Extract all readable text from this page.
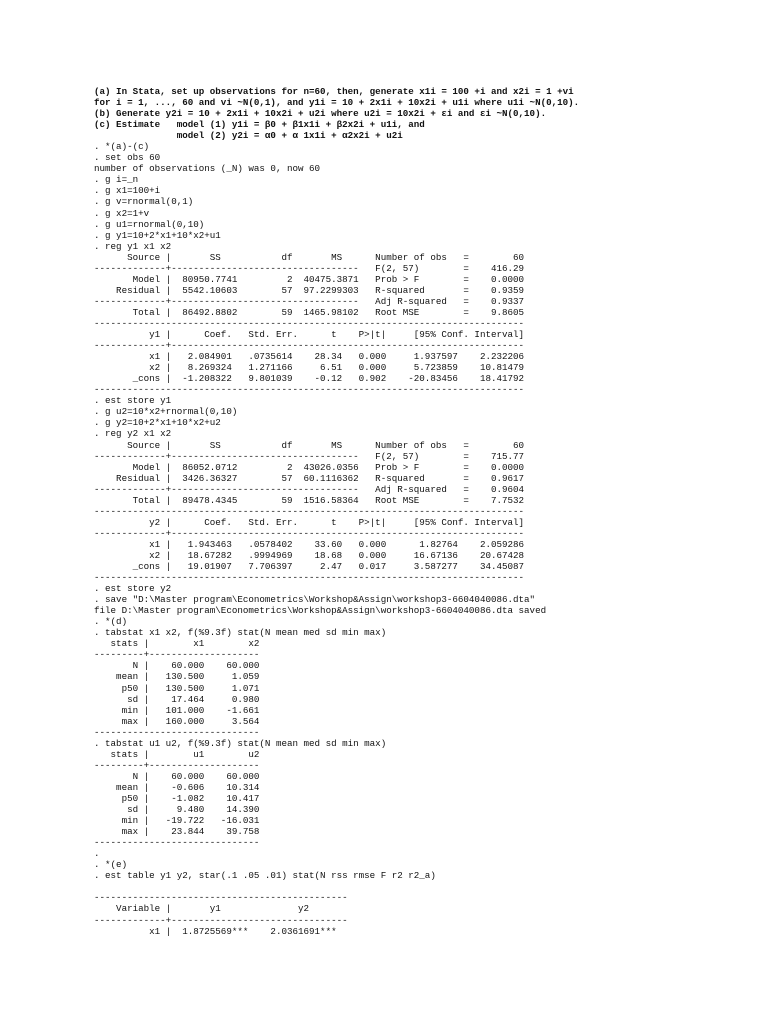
(a) In Stata, set up observations for n=60, then, generate x1i = 100 +i and x2i = 1 +vi
for i = 1, ..., 60 and vi ~N(0,1), and y1i = 10 + 2x1i + 10x2i + u1i where u1i ~N(0,10).
(b) Generate y2i = 10 + 2x1i + 10x2i + u2i where u2i = 10x2i + εi and εi ~N(0,10).
(c) Estimate   model (1) y1i = β0 + β1x1i + β2x2i + u1i, and
model (2) y2i = α0 + α 1x1i + α2x2i + u2i
. *(a)-(c)
. set obs 60
number of observations (_N) was 0, now 60
. g i=_n
. g x1=100+i
. g v=rnormal(0,1)
. g x2=1+v
. g u1=rnormal(0,10)
. g y1=10+2*x1+10*x2+u1
. reg y1 x1 x2
Source |       SS           df       MS      Number of obs   =        60
-------------+----------------------------------   F(2, 57)        =    416.29
Model |  80950.7741         2  40475.3871   Prob > F        =    0.0000
Residual |  5542.10603        57  97.2299303   R-squared       =    0.9359
-------------+----------------------------------   Adj R-squared   =    0.9337
Total |  86492.8802        59  1465.98102   Root MSE        =    9.8605
------------------------------------------------------------------------------
y1 |      Coef.   Std. Err.      t    P>|t|     [95% Conf. Interval]
-------------+----------------------------------------------------------------
x1 |   2.084901   .0735614    28.34   0.000     1.937597    2.232206
x2 |   8.269324   1.271166     6.51   0.000     5.723859    10.81479
_cons |  -1.208322   9.801039    -0.12   0.902    -20.83456    18.41792
------------------------------------------------------------------------------
. est store y1
. g u2=10*x2+rnormal(0,10)
. g y2=10+2*x1+10*x2+u2
. reg y2 x1 x2
Source |       SS           df       MS      Number of obs   =        60
-------------+----------------------------------   F(2, 57)        =    715.77
Model |  86052.0712         2  43026.0356   Prob > F        =    0.0000
Residual |  3426.36327        57  60.1116362   R-squared       =    0.9617
-------------+----------------------------------   Adj R-squared   =    0.9604
Total |  89478.4345        59  1516.58364   Root MSE        =    7.7532
------------------------------------------------------------------------------
y2 |      Coef.   Std. Err.      t    P>|t|     [95% Conf. Interval]
-------------+----------------------------------------------------------------
x1 |   1.943463   .0578402    33.60   0.000      1.82764    2.059286
x2 |   18.67282   .9994969    18.68   0.000     16.67136    20.67428
_cons |   19.01907   7.706397     2.47   0.017     3.587277    34.45087
------------------------------------------------------------------------------
. est store y2
. save "D:\Master program\Econometrics\Workshop&Assign\workshop3-6604040086.dta"
file D:\Master program\Econometrics\Workshop&Assign\workshop3-6604040086.dta saved
. *(d)
. tabstat x1 x2, f(%9.3f) stat(N mean med sd min max)
stats |        x1        x2
---------+--------------------
N |    60.000    60.000
mean |   130.500     1.059
p50 |   130.500     1.071
sd |    17.464     0.980
min |   101.000    -1.661
max |   160.000     3.564
------------------------------
. tabstat u1 u2, f(%9.3f) stat(N mean med sd min max)
stats |        u1        u2
---------+--------------------
N |    60.000    60.000
mean |    -0.606    10.314
p50 |    -1.082    10.417
sd |     9.480    14.390
min |   -19.722   -16.031
max |    23.844    39.758
------------------------------
.
. *(e)
. est table y1 y2, star(.1 .05 .01) stat(N rss rmse F r2 r2_a)

----------------------------------------------
Variable |       y1              y2
-------------+--------------------------------
x1 |  1.8725569***    2.0361691***
